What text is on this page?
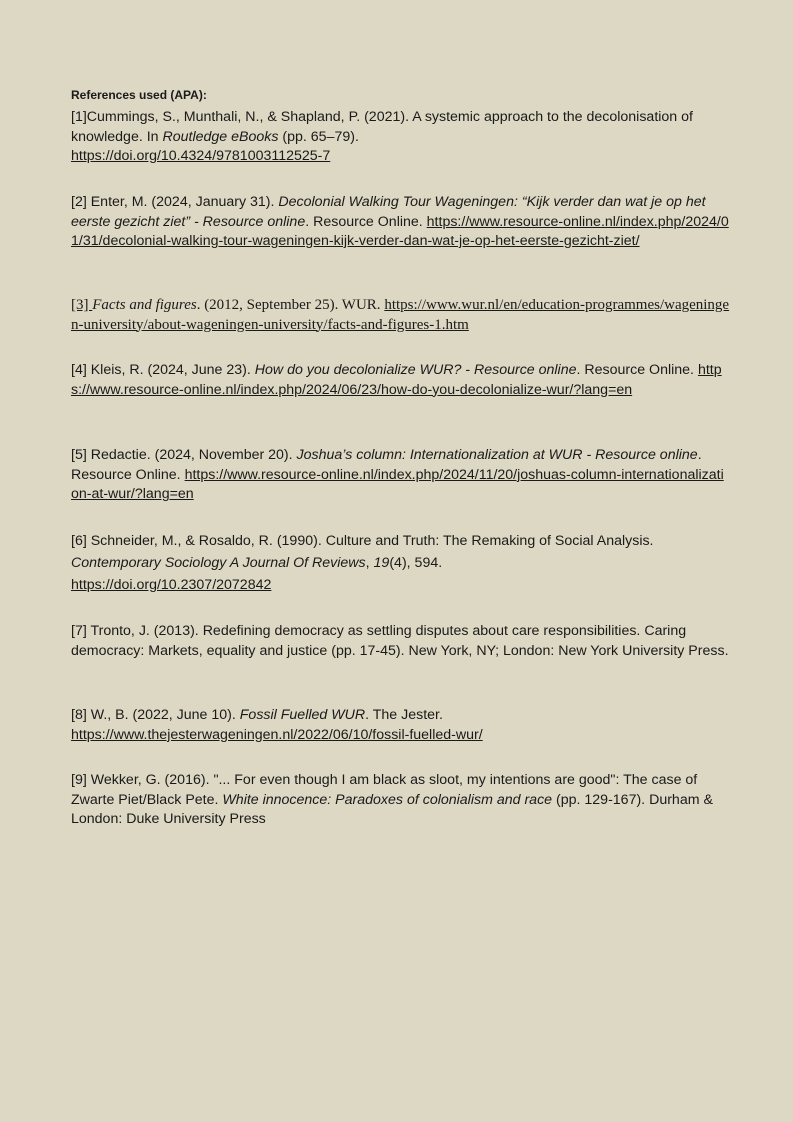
References used (APA):
[1]Cummings, S., Munthali, N., & Shapland, P. (2021). A systemic approach to the decolonisation of knowledge. In Routledge eBooks (pp. 65–79).
https://doi.org/10.4324/9781003112525-7
[2] Enter, M. (2024, January 31). Decolonial Walking Tour Wageningen: “Kijk verder dan wat je op het eerste gezicht ziet” - Resource online. Resource Online. https://www.resource-online.nl/index.php/2024/01/31/decolonial-walking-tour-wageningen-kijk-verder-dan-wat-je-op-het-eerste-gezicht-ziet/
[3] Facts and figures. (2012, September 25). WUR. https://www.wur.nl/en/education-programmes/wageningen-university/about-wageningen-university/facts-and-figures-1.htm
[4] Kleis, R. (2024, June 23). How do you decolonialize WUR? - Resource online. Resource Online. https://www.resource-online.nl/index.php/2024/06/23/how-do-you-decolonialize-wur/?lang=en
[5] Redactie. (2024, November 20). Joshua’s column: Internationalization at WUR - Resource online. Resource Online. https://www.resource-online.nl/index.php/2024/11/20/joshuas-column-internationalization-at-wur/?lang=en
[6] Schneider, M., & Rosaldo, R. (1990). Culture and Truth: The Remaking of Social Analysis. Contemporary Sociology A Journal Of Reviews, 19(4), 594.
https://doi.org/10.2307/2072842
[7] Tronto, J. (2013). Redefining democracy as settling disputes about care responsibilities. Caring democracy: Markets, equality and justice (pp. 17-45). New York, NY; London: New York University Press.
[8] W., B. (2022, June 10). Fossil Fuelled WUR. The Jester.
https://www.thejesterwageningen.nl/2022/06/10/fossil-fuelled-wur/
[9] Wekker, G. (2016). "... For even though I am black as sloot, my intentions are good": The case of Zwarte Piet/Black Pete. White innocence: Paradoxes of colonialism and race (pp. 129-167). Durham & London: Duke University Press
